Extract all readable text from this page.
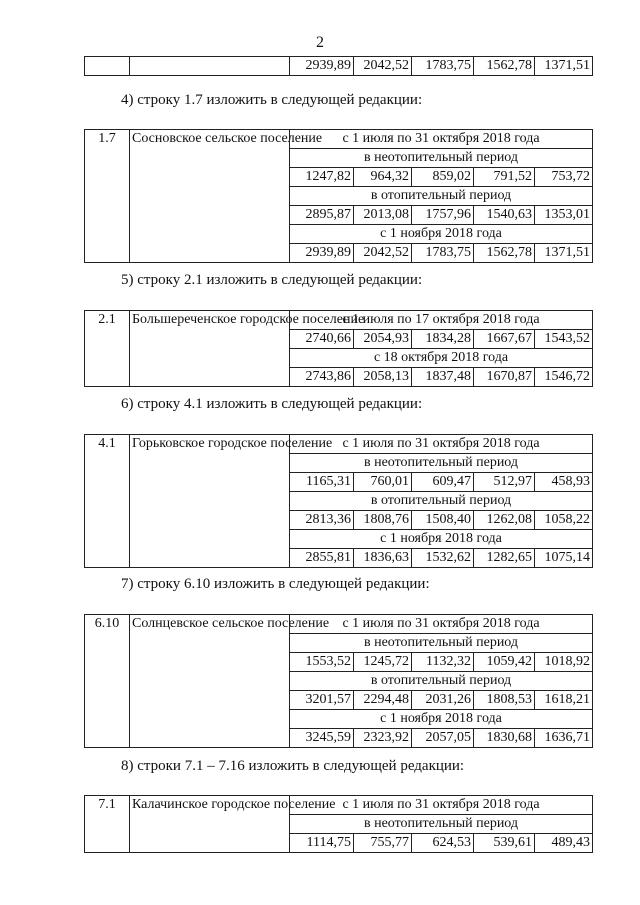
2
		2939,89	2042,52	1783,75	1562,78	1371,51
4) строку 1.7 изложить в следующей редакции:
1.7	Сосновское сельское поселение	с 1 июля по 31 октября 2018 года				
		в неотопительный период				
		1247,82	964,32	859,02	791,52	753,72
		в отопительный период				
		2895,87	2013,08	1757,96	1540,63	1353,01
		с 1 ноября 2018 года				
		2939,89	2042,52	1783,75	1562,78	1371,51
5) строку 2.1 изложить в следующей редакции:
2.1	Большереченское городское поселение	с 1 июля по 17 октября 2018 года				
		2740,66	2054,93	1834,28	1667,67	1543,52
		с 18 октября 2018 года				
		2743,86	2058,13	1837,48	1670,87	1546,72
6) строку 4.1 изложить в следующей редакции:
4.1	Горьковское городское поселение	с 1 июля по 31 октября 2018 года				
		в неотопительный период				
		1165,31	760,01	609,47	512,97	458,93
		в отопительный период				
		2813,36	1808,76	1508,40	1262,08	1058,22
		с 1 ноября 2018 года				
		2855,81	1836,63	1532,62	1282,65	1075,14
7) строку 6.10 изложить в следующей редакции:
6.10	Солнцевское сельское поселение	с 1 июля по 31 октября 2018 года				
		в неотопительный период				
		1553,52	1245,72	1132,32	1059,42	1018,92
		в отопительный период				
		3201,57	2294,48	2031,26	1808,53	1618,21
		с 1 ноября 2018 года				
		3245,59	2323,92	2057,05	1830,68	1636,71
8) строки 7.1 – 7.16 изложить в следующей редакции:
7.1	Калачинское городское поселение	с 1 июля по 31 октября 2018 года				
		в неотопительный период				
		1114,75	755,77	624,53	539,61	489,43
